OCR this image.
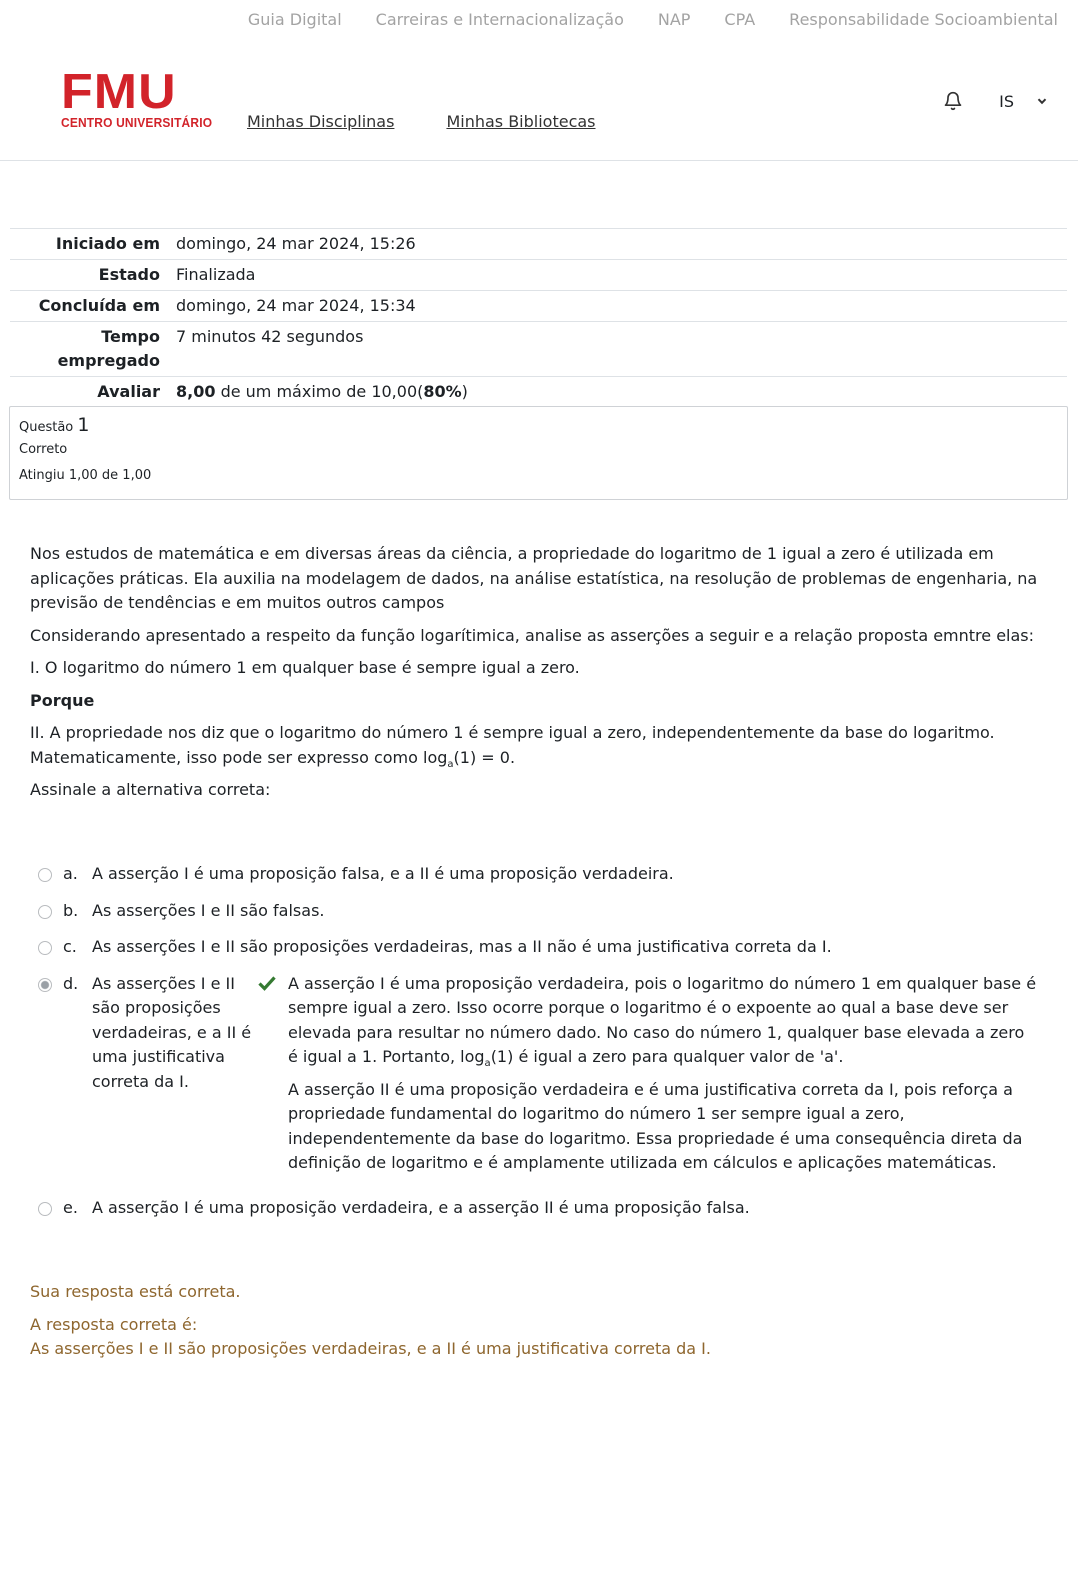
Guia Digital Carreiras e Internacionalização NAP CPA Responsabilidade Socioambiental
FMU
CENTRO UNIVERSITÁRIO Minhas Disciplinas	Minhas Bibliotecas
IS
Iniciado em	domingo, 24 mar 2024, 15:26
Estado	Finalizada
Concluída em	domingo, 24 mar 2024, 15:34
Tempo empregado	7 minutos 42 segundos
Avaliar	8,00 de um máximo de 10,00(80%)
Questão 1
Correto
Atingiu 1,00 de 1,00

Nos estudos de matemática e em diversas áreas da ciência, a propriedade do logaritmo de 1 igual a zero é utilizada em aplicações práticas. Ela auxilia na modelagem de dados, na análise estatística, na resolução de problemas de engenharia, na previsão de tendências e em muitos outros campos

Considerando apresentado a respeito da função logarítimica, analise as asserções a seguir e a relação proposta emntre elas:

I. O logaritmo do número 1 em qualquer base é sempre igual a zero.

Porque

II. A propriedade nos diz que o logaritmo do número 1 é sempre igual a zero, independentemente da base do logaritmo. Matematicamente, isso pode ser expresso como $\log_a(1) = 0$.

Assinale a alternativa correta:

a. A asserção I é uma proposição falsa, e a II é uma proposição verdadeira.
b. As asserções I e II são falsas.
c. As asserções I e II são proposições verdadeiras, mas a II não é uma justificativa correta da I.
d. As asserções I e II são proposições verdadeiras, e a II é uma justificativa correta da I.

A asserção I é uma proposição verdadeira, pois o logaritmo do número 1 em qualquer base é sempre igual a zero. Isso ocorre porque o logaritmo é o expoente ao qual a base deve ser elevada para resultar no número dado. No caso do número 1, qualquer base elevada a zero é igual a 1. Portanto, $\log_a(1)$ é igual a zero para qualquer valor de 'a'.

A asserção II é uma proposição verdadeira e é uma justificativa correta da I, pois reforça a propriedade fundamental do logaritmo do número 1 ser sempre igual a zero, independentemente da base do logaritmo. Essa propriedade é uma consequência direta da definição de logaritmo e é amplamente utilizada em cálculos e aplicações matemáticas.

e. A asserção I é uma proposição verdadeira, e a asserção II é uma proposição falsa.

Sua resposta está correta.

A resposta correta é:
As asserções I e II são proposições verdadeiras, e a II é uma justificativa correta da I.
